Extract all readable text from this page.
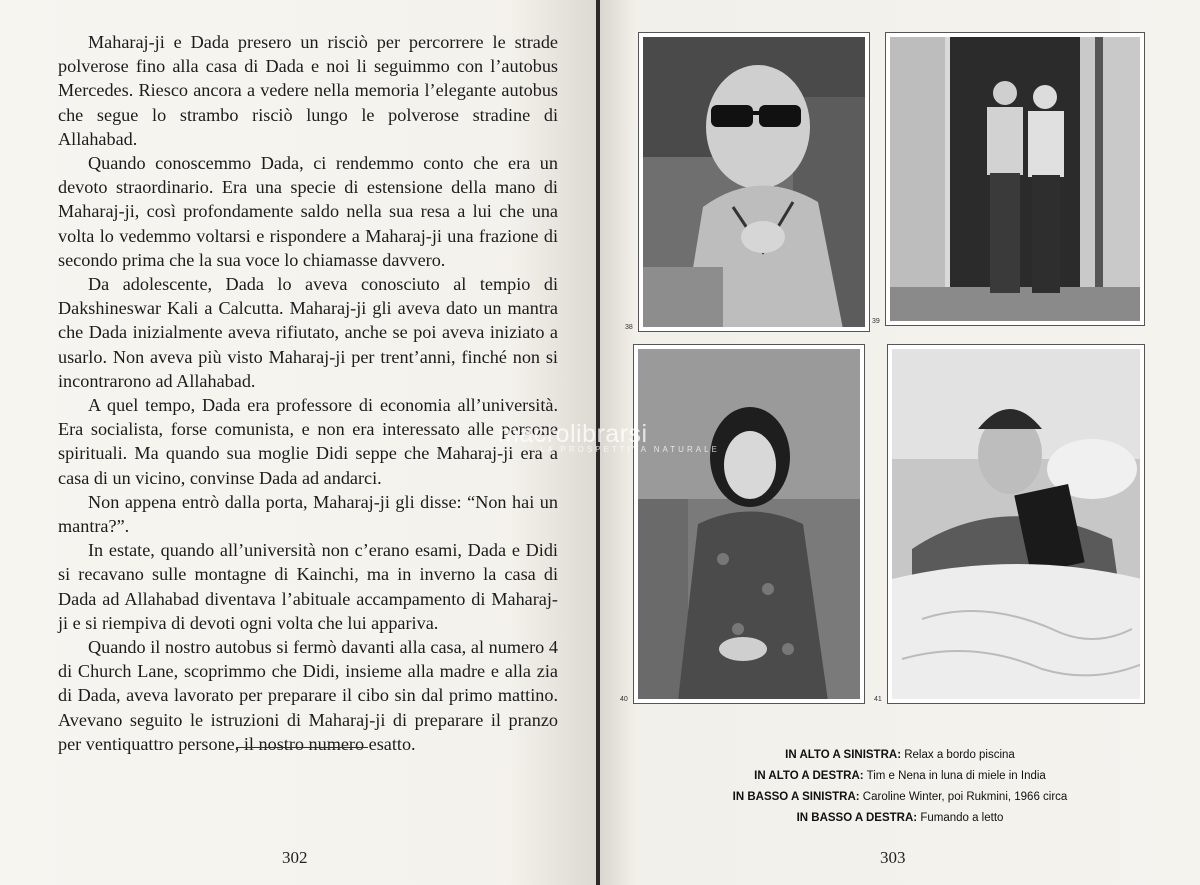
Maharaj-ji e Dada presero un risciò per percorrere le strade polverose fino alla casa di Dada e noi li seguimmo con l’autobus Mercedes. Riesco ancora a vedere nella memoria l’elegante autobus che segue lo strambo risciò lungo le polverose stradine di Allahabad.

Quando conoscemmo Dada, ci rendemmo conto che era un devoto straordinario. Era una specie di estensione della mano di Maharaj-ji, così profondamente saldo nella sua resa a lui che una volta lo vedemmo voltarsi e rispondere a Maharaj-ji una frazione di secondo prima che la sua voce lo chiamasse davvero.

Da adolescente, Dada lo aveva conosciuto al tempio di Dakshineswar Kali a Calcutta. Maharaj-ji gli aveva dato un mantra che Dada inizialmente aveva rifiutato, anche se poi aveva iniziato a usarlo. Non aveva più visto Maharaj-ji per trent’anni, finché non si incontrarono ad Allahabad.

A quel tempo, Dada era professore di economia all’università. Era socialista, forse comunista, e non era interessato alle persone spirituali. Ma quando sua moglie Didi seppe che Maharaj-ji era a casa di un vicino, convinse Dada ad andarci.

Non appena entrò dalla porta, Maharaj-ji gli disse: “Non hai un mantra?”.

In estate, quando all’università non c’erano esami, Dada e Didi si recavano sulle montagne di Kainchi, ma in inverno la casa di Dada ad Allahabad diventava l’abituale accampamento di Maharaj-ji e si riempiva di devoti ogni volta che lui appariva.

Quando il nostro autobus si fermò davanti alla casa, al numero 4 di Church Lane, scoprimmo che Didi, insieme alla madre e alla zia di Dada, aveva lavorato per preparare il cibo sin dal primo mattino. Avevano seguito le istruzioni di Maharaj-ji di preparare il pranzo per ventiquattro persone, il nostro numero esatto.

302
38
39
40	41
303
IN ALTO A SINISTRA: Relax a bordo piscina
IN ALTO A DESTRA: Tim e Nena in luna di miele in India
IN BASSO A SINISTRA: Caroline Winter, poi Rukmini, 1966 circa
IN BASSO A DESTRA: Fumando a letto
macrolibrarsi
LA PROSPETTIVA NATURALE
